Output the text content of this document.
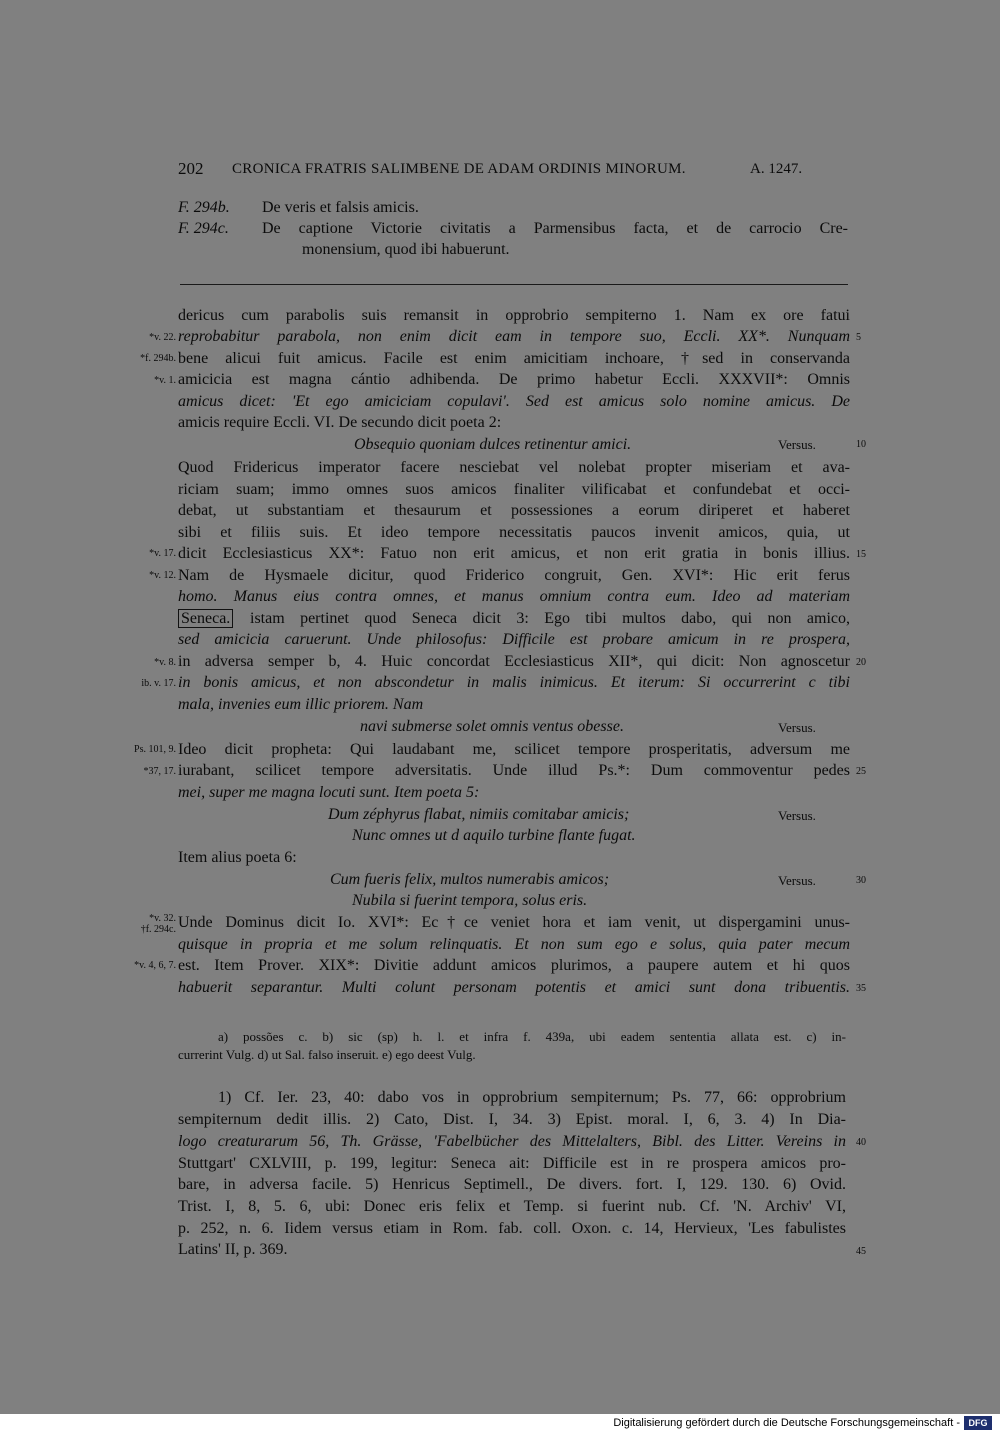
202 CRONICA FRATRIS SALIMBENE DE ADAM ORDINIS MINORUM.	A. 1247.
F. 294b. De veris et falsis amicis.
F. 294c. De captione Victorie civitatis a Parmensibus facta, et de carrocio Cre-
monensium, quod ibi habuerunt.
*v. 22.
*f. 294b.
*v. 1.
*v. 17.
*v. 12.
*v. 8.
ib. v. 17.
Ps. 101, 9.
*37, 17.
*v. 32.
†f. 294c.
*v. 4, 6, 7.
5
10
15
20
25
30
35
40
45
dericus cum parabolis suis remansit in opprobrio sempiterno 1. Nam ex ore fatui
reprobabitur parabola, non enim dicit eam in tempore suo, Eccli. XX*. Nunquam
bene alicui fuit amicus. Facile est enim amicitiam inchoare, †sed in conservanda
amicicia est magna cántio adhibenda. De primo habetur Eccli. XXXVII*: Omnis
amicus dicet: 'Et ego amiciciam copulavi'. Sed est amicus solo nomine amicus. De
amicis require Eccli. VI. De secundo dicit poeta 2:
Obsequio quoniam dulces retinentur amici.	Versus.
Quod Fridericus imperator facere nesciebat vel nolebat propter miseriam et ava-
riciam suam; immo omnes suos amicos finaliter vilificabat et confundebat et occi-
debat, ut substantiam et thesaurum et possessiones a eorum diriperet et haberet
sibi et filiis suis. Et ideo tempore necessitatis paucos invenit amicos, quia, ut
dicit Ecclesiasticus XX*: Fatuo non erit amicus, et non erit gratia in bonis illius.
Nam de Hysmaele dicitur, quod Friderico congruit, Gen. XVI*: Hic erit ferus
homo. Manus eius contra omnes, et manus omnium contra eum. Ideo ad materiam
Seneca. istam pertinet quod Seneca dicit 3: Ego tibi multos dabo, qui non amico,
sed amicicia caruerunt. Unde philosofus: Difficile est probare amicum in re prospera,
in adversa semper b, 4. Huic concordat Ecclesiasticus XII*, qui dicit: Non agnoscetur
in bonis amicus, et non abscondetur in malis inimicus. Et iterum: Si occurrerint c tibi
mala, invenies eum illic priorem. Nam
navi submerse solet omnis ventus obesse.	Versus.
Ideo dicit propheta: Qui laudabant me, scilicet tempore prosperitatis, adversum me
iurabant, scilicet tempore adversitatis. Unde illud Ps.*: Dum commoventur pedes
mei, super me magna locuti sunt. Item poeta 5:
Dum zéphyrus flabat, nimiis comitabar amicis;	Versus.
Nunc omnes ut d aquilo turbine flante fugat.
Item alius poeta 6:
Cum fueris felix, multos numerabis amicos;	Versus.
Nubila si fuerint tempora, solus eris.
Unde Dominus dicit Io. XVI*: Ec†ce veniet hora et iam venit, ut dispergamini unus-
quisque in propria et me solum relinquatis. Et non sum ego e solus, quia pater mecum
est. Item Prover. XIX*: Divitie addunt amicos plurimos, a paupere autem et hi quos
habuerit separantur. Multi colunt personam potentis et amici sunt dona tribuentis.
a) possões c. b) sic (sp) h. l. et infra f. 439a, ubi eadem sententia allata est. c) in-
currerint Vulg. d) ut Sal. falso inseruit. e) ego deest Vulg.
1) Cf. Ier. 23, 40: dabo vos in opprobrium sempiternum; Ps. 77, 66: opprobrium
sempiternum dedit illis. 2) Cato, Dist. I, 34. 3) Epist. moral. I, 6, 3. 4) In Dia-
logo creaturarum 56, Th. Grässe, 'Fabelbücher des Mittelalters, Bibl. des Litter. Vereins in
Stuttgart' CXLVIII, p. 199, legitur: Seneca ait: Difficile est in re prospera amicos pro-
bare, in adversa facile. 5) Henricus Septimell., De divers. fort. I, 129. 130. 6) Ovid.
Trist. I, 8, 5. 6, ubi: Donec eris felix et Temp. si fuerint nub. Cf. 'N. Archiv' VI,
p. 252, n. 6. Iidem versus etiam in Rom. fab. coll. Oxon. c. 14, Hervieux, 'Les fabulistes
Latins' II, p. 369.
Digitalisierung gefördert durch die Deutsche Forschungsgemeinschaft - DFG
